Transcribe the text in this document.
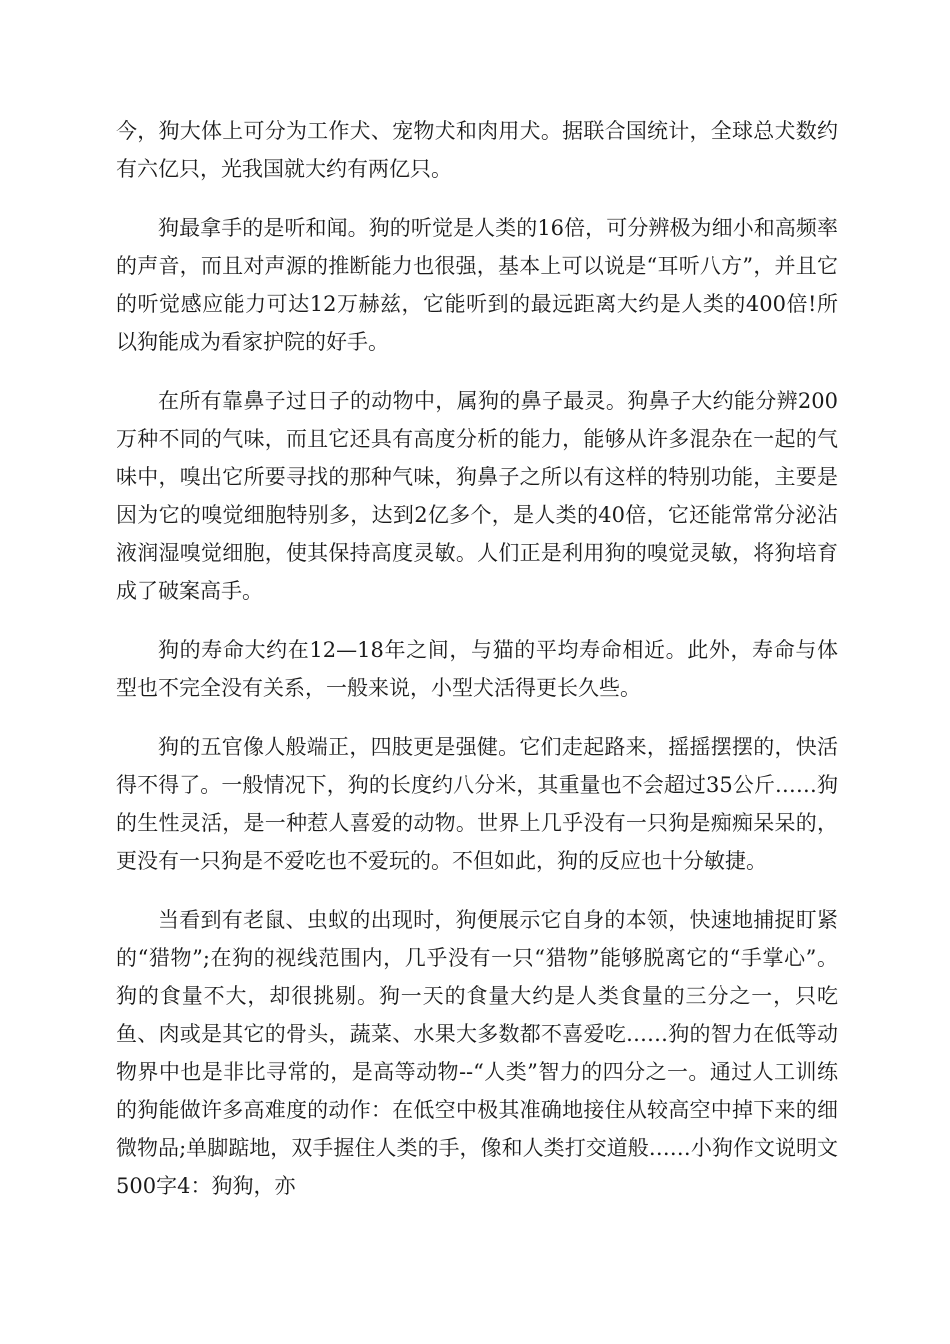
今，狗大体上可分为工作犬、宠物犬和肉用犬。据联合国统计，全球总犬数约有六亿只，光我国就大约有两亿只。

狗最拿手的是听和闻。狗的听觉是人类的16倍，可分辨极为细小和高频率的声音，而且对声源的推断能力也很强，基本上可以说是“耳听八方”，并且它的听觉感应能力可达12万赫兹，它能听到的最远距离大约是人类的400倍!所以狗能成为看家护院的好手。

在所有靠鼻子过日子的动物中，属狗的鼻子最灵。狗鼻子大约能分辨200万种不同的气味，而且它还具有高度分析的能力，能够从许多混杂在一起的气味中，嗅出它所要寻找的那种气味，狗鼻子之所以有这样的特别功能，主要是因为它的嗅觉细胞特别多，达到2亿多个，是人类的40倍，它还能常常分泌沾液润湿嗅觉细胞，使其保持高度灵敏。人们正是利用狗的嗅觉灵敏，将狗培育成了破案高手。

狗的寿命大约在12—18年之间，与猫的平均寿命相近。此外，寿命与体型也不完全没有关系，一般来说，小型犬活得更长久些。

狗的五官像人般端正，四肢更是强健。它们走起路来，摇摇摆摆的，快活得不得了。一般情况下，狗的长度约八分米，其重量也不会超过35公斤……狗的生性灵活，是一种惹人喜爱的动物。世界上几乎没有一只狗是痴痴呆呆的，更没有一只狗是不爱吃也不爱玩的。不但如此，狗的反应也十分敏捷。

当看到有老鼠、虫蚁的出现时，狗便展示它自身的本领，快速地捕捉盯紧的“猎物”;在狗的视线范围内，几乎没有一只“猎物”能够脱离它的“手掌心”。狗的食量不大，却很挑剔。狗一天的食量大约是人类食量的三分之一，只吃鱼、肉或是其它的骨头，蔬菜、水果大多数都不喜爱吃……狗的智力在低等动物界中也是非比寻常的，是高等动物--“人类”智力的四分之一。通过人工训练的狗能做许多高难度的动作：在低空中极其准确地接住从较高空中掉下来的细微物品;单脚踮地，双手握住人类的手，像和人类打交道般……小狗作文说明文500字4：狗狗，亦
